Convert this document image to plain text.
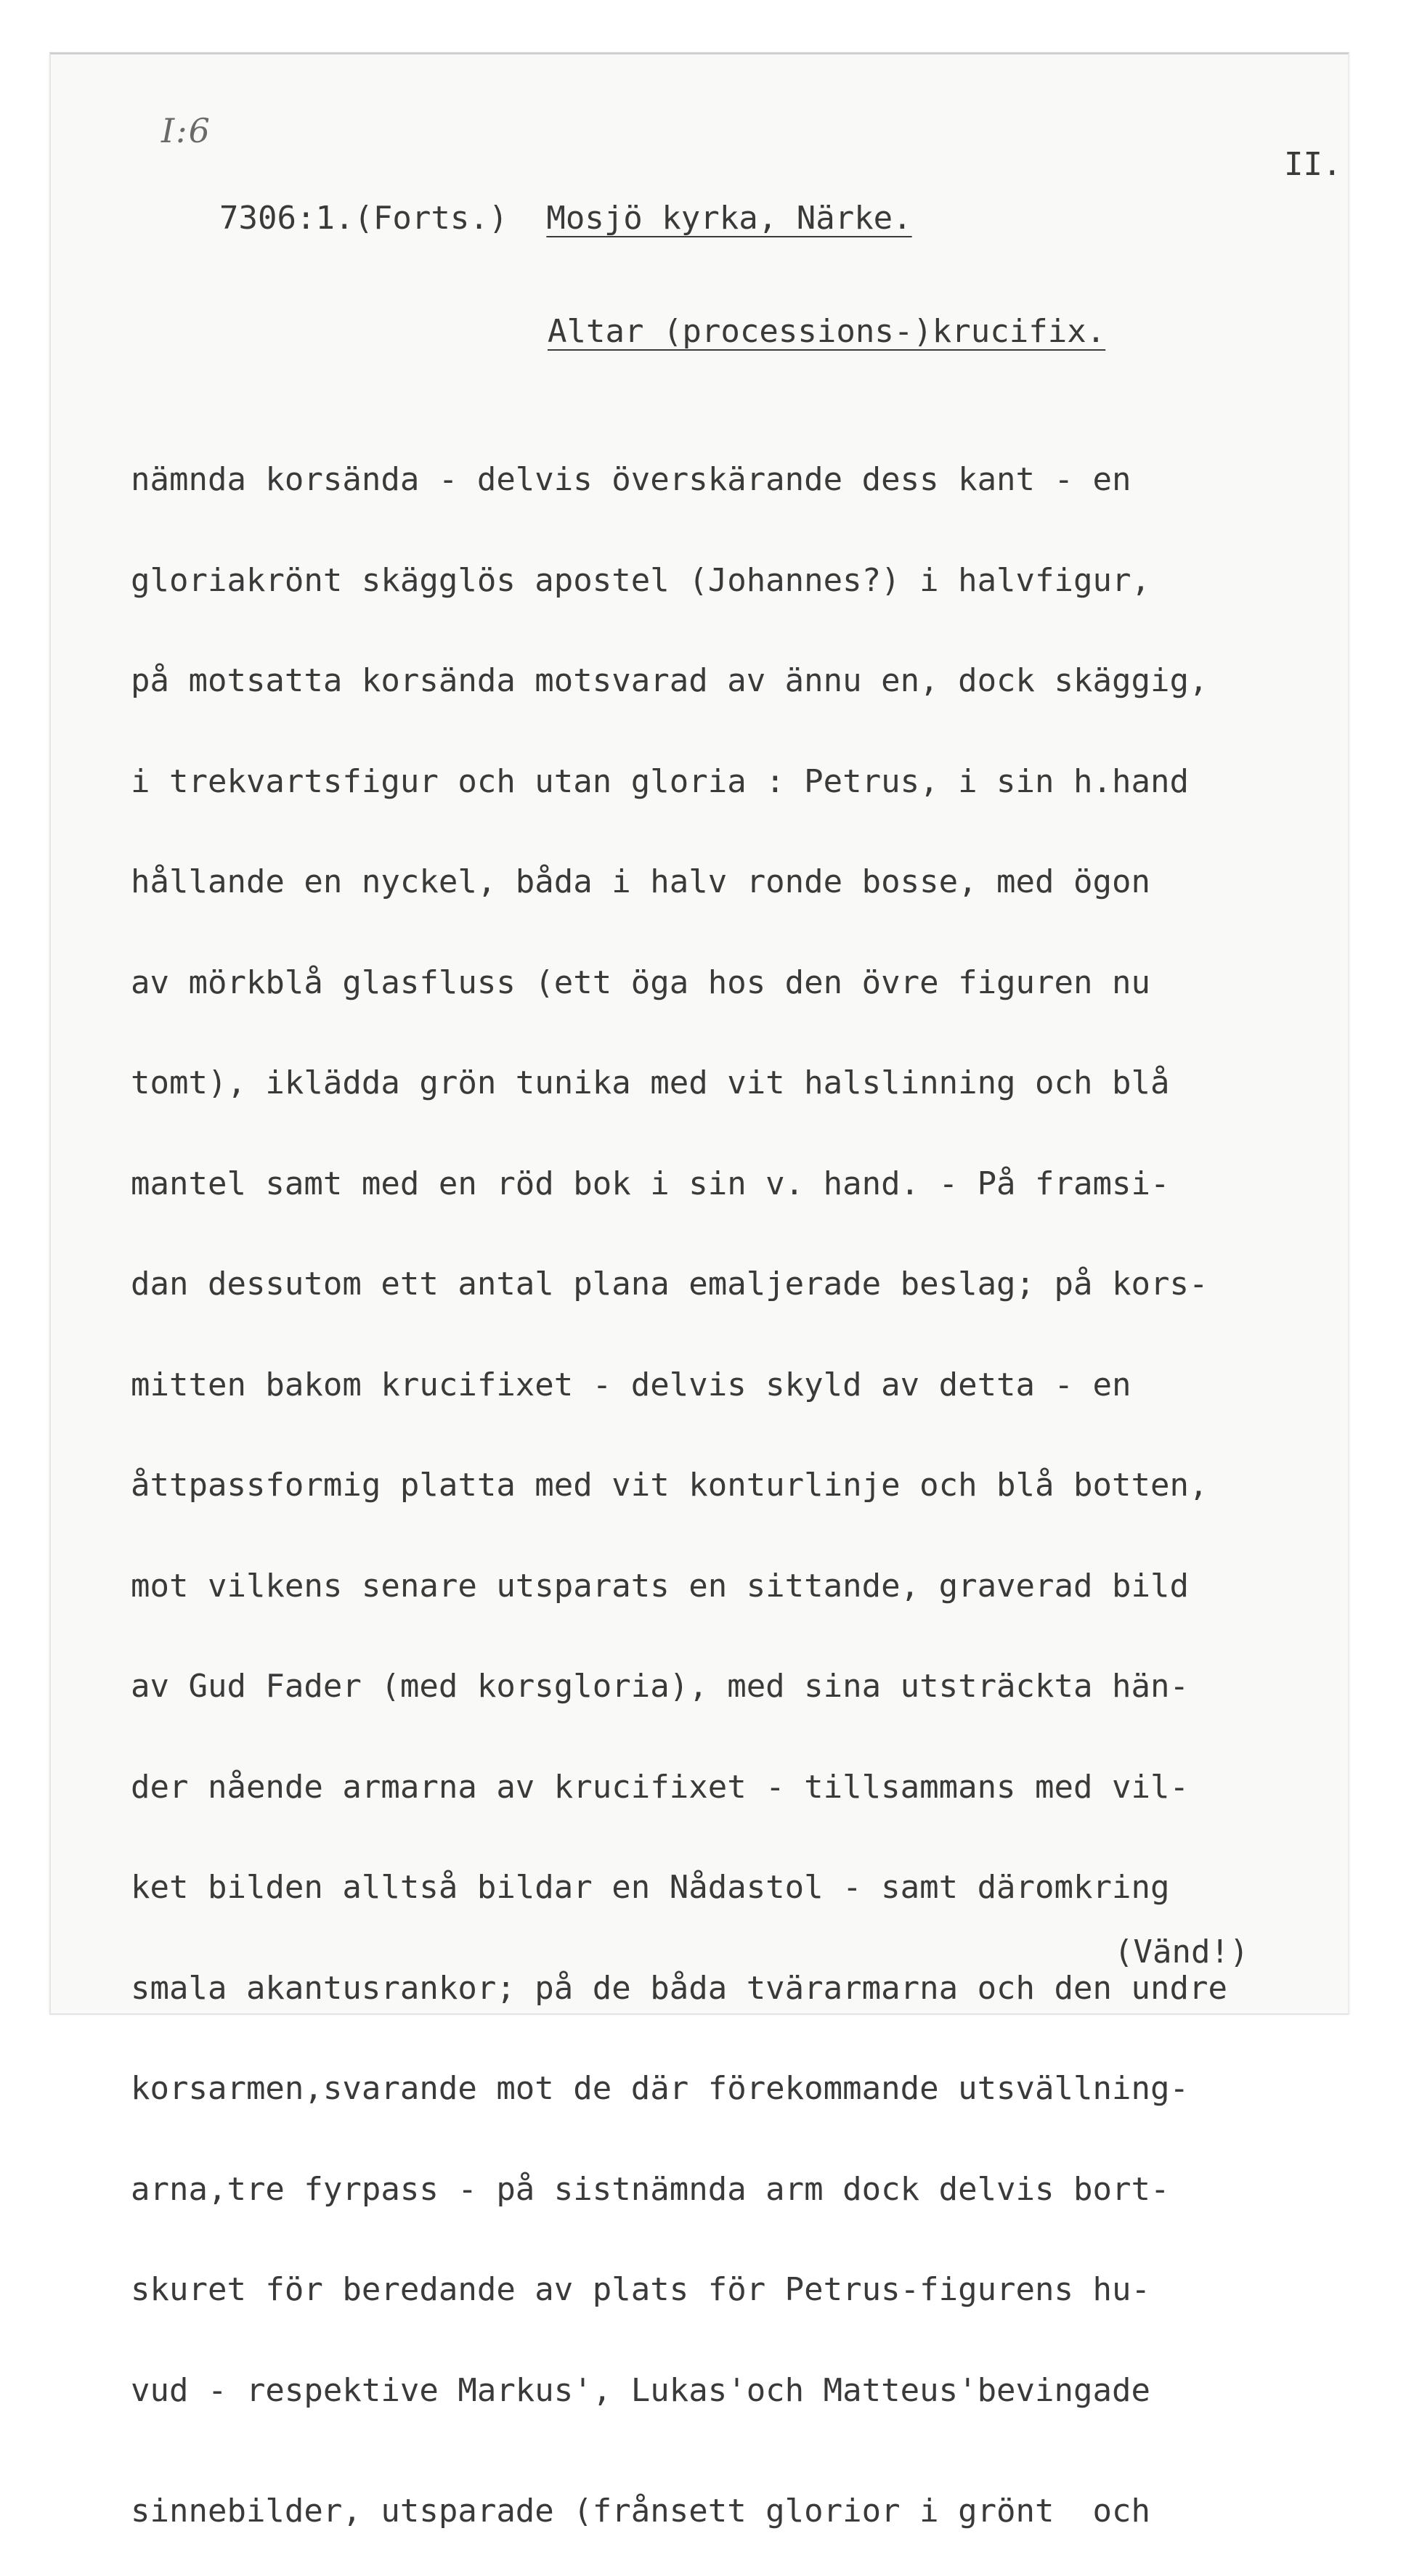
I:6
II.
7306:1.(Forts.) Mosjö kyrka, Närke.
Altar (processions-)krucifix.

nämnda korsända - delvis överskärande dess kant - en

gloriakrönt skägglös apostel (Johannes?) i halvfigur,

på motsatta korsända motsvarad av ännu en, dock skäggig,

i trekvartsfigur och utan gloria : Petrus, i sin h.hand

hållande en nyckel, båda i halv ronde bosse, med ögon

av mörkblå glasfluss (ett öga hos den övre figuren nu

tomt), iklädda grön tunika med vit halslinning och blå

mantel samt med en röd bok i sin v. hand. - På framsi-

dan dessutom ett antal plana emaljerade beslag; på kors-

mitten bakom krucifixet - delvis skyld av detta - en

åttpassformig platta med vit konturlinje och blå botten,

mot vilkens senare utsparats en sittande, graverad bild

av Gud Fader (med korsgloria), med sina utsträckta hän-

der nående armarna av krucifixet - tillsammans med vil-

ket bilden alltså bildar en Nådastol - samt däromkring

smala akantusrankor; på de båda tvärarmarna och den undre

korsarmen,svarande mot de där förekommande utsvällning-

arna,tre fyrpass - på sistnämnda arm dock delvis bort-

skuret för beredande av plats för Petrus-figurens hu-

vud - respektive Markus', Lukas'och Matteus'bevingade

sinnebilder, utsparade (frånsett glorior i grönt  och

(Vänd!)
